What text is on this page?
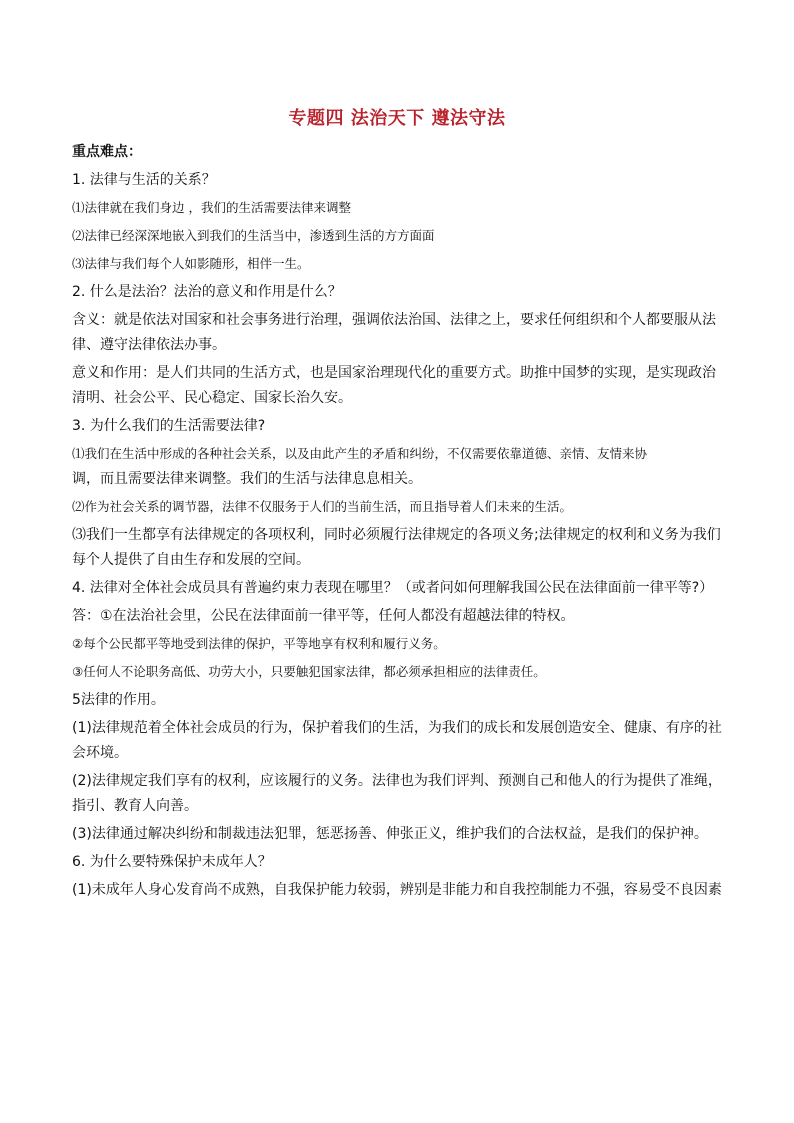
专题四 法治天下 遵法守法
重点难点：
1. 法律与生活的关系？
⑴法律就在我们身边 ，我们的生活需要法律来调整
⑵法律已经深深地嵌入到我们的生活当中，渗透到生活的方方面面
⑶法律与我们每个人如影随形，相伴一生。
2. 什么是法治？法治的意义和作用是什么？
含义：就是依法对国家和社会事务进行治理，强调依法治国、法律之上，要求任何组织和个人都要服从法
律、遵守法律依法办事。
意义和作用：是人们共同的生活方式，也是国家治理现代化的重要方式。助推中国梦的实现，是实现政治
清明、社会公平、民心稳定、国家长治久安。
3. 为什么我们的生活需要法律?
⑴我们在生活中形成的各种社会关系，以及由此产生的矛盾和纠纷，不仅需要依靠道德、亲情、友情来协
调，而且需要法律来调整。我们的生活与法律息息相关。
⑵作为社会关系的调节器，法律不仅服务于人们的当前生活，而且指导着人们未来的生活。
⑶我们一生都享有法律规定的各项权利，同时必须履行法律规定的各项义务;法律规定的权利和义务为我们
每个人提供了自由生存和发展的空间。
4. 法律对全体社会成员具有普遍约束力表现在哪里？（或者问如何理解我国公民在法律面前一律平等?）
答：①在法治社会里，公民在法律面前一律平等，任何人都没有超越法律的特权。
②每个公民都平等地受到法律的保护，平等地享有权利和履行义务。
③任何人不论职务高低、功劳大小，只要触犯国家法律，都必须承担相应的法律责任。
5法律的作用。
(1)法律规范着全体社会成员的行为，保护着我们的生活，为我们的成长和发展创造安全、健康、有序的社
会环境。
(2)法律规定我们享有的权利，应该履行的义务。法律也为我们评判、预测自己和他人的行为提供了准绳，
指引、教育人向善。
(3)法律通过解决纠纷和制裁违法犯罪，惩恶扬善、伸张正义，维护我们的合法权益，是我们的保护神。
6. 为什么要特殊保护未成年人？
(1)未成年人身心发育尚不成熟，自我保护能力较弱，辨别是非能力和自我控制能力不强，容易受不良因素
